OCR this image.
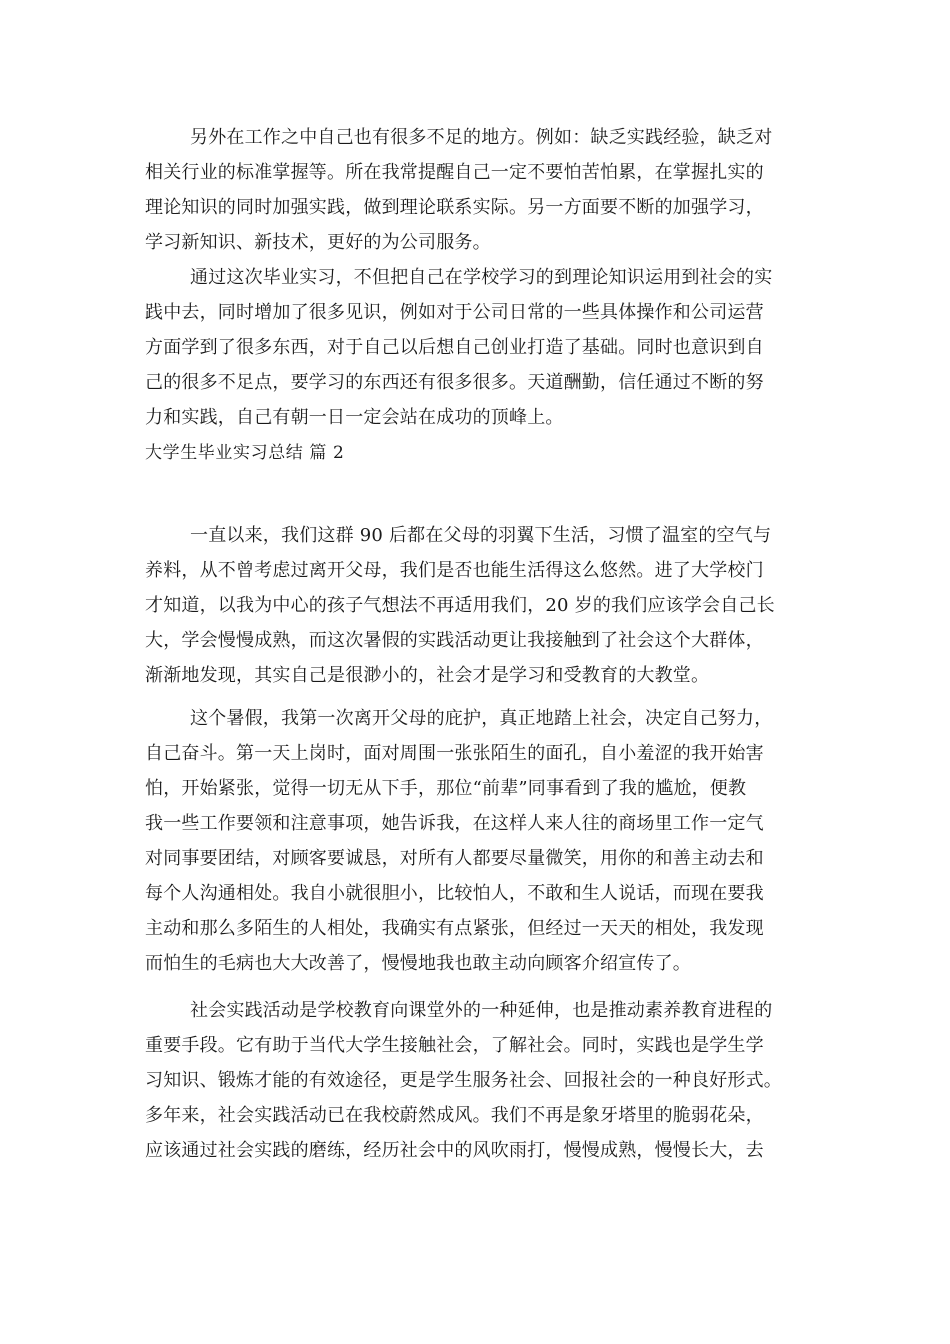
另外在工作之中自己也有很多不足的地方。例如：缺乏实践经验，缺乏对
相关行业的标准掌握等。所在我常提醒自己一定不要怕苦怕累，在掌握扎实的
理论知识的同时加强实践，做到理论联系实际。另一方面要不断的加强学习，
学习新知识、新技术，更好的为公司服务。
通过这次毕业实习，不但把自己在学校学习的到理论知识运用到社会的实
践中去，同时增加了很多见识，例如对于公司日常的一些具体操作和公司运营
方面学到了很多东西，对于自己以后想自己创业打造了基础。同时也意识到自
己的很多不足点，要学习的东西还有很多很多。天道酬勤，信任通过不断的努
力和实践，自己有朝一日一定会站在成功的顶峰上。
大学生毕业实习总结 篇 2
一直以来，我们这群 90 后都在父母的羽翼下生活，习惯了温室的空气与
养料，从不曾考虑过离开父母，我们是否也能生活得这么悠然。进了大学校门
才知道，以我为中心的孩子气想法不再适用我们，20 岁的我们应该学会自己长
大，学会慢慢成熟，而这次暑假的实践活动更让我接触到了社会这个大群体，
渐渐地发现，其实自己是很渺小的，社会才是学习和受教育的大教堂。
这个暑假，我第一次离开父母的庇护，真正地踏上社会，决定自己努力，
自己奋斗。第一天上岗时，面对周围一张张陌生的面孔，自小羞涩的我开始害
怕，开始紧张，觉得一切无从下手，那位“前辈”同事看到了我的尴尬，便教
我一些工作要领和注意事项，她告诉我，在这样人来人往的商场里工作一定气
对同事要团结，对顾客要诚恳，对所有人都要尽量微笑，用你的和善主动去和
每个人沟通相处。我自小就很胆小，比较怕人，不敢和生人说话，而现在要我
主动和那么多陌生的人相处，我确实有点紧张，但经过一天天的相处，我发现
而怕生的毛病也大大改善了，慢慢地我也敢主动向顾客介绍宣传了。
社会实践活动是学校教育向课堂外的一种延伸，也是推动素养教育进程的
重要手段。它有助于当代大学生接触社会，了解社会。同时，实践也是学生学
习知识、锻炼才能的有效途径，更是学生服务社会、回报社会的一种良好形式。
多年来，社会实践活动已在我校蔚然成风。我们不再是象牙塔里的脆弱花朵，
应该通过社会实践的磨练，经历社会中的风吹雨打，慢慢成熟，慢慢长大，去
